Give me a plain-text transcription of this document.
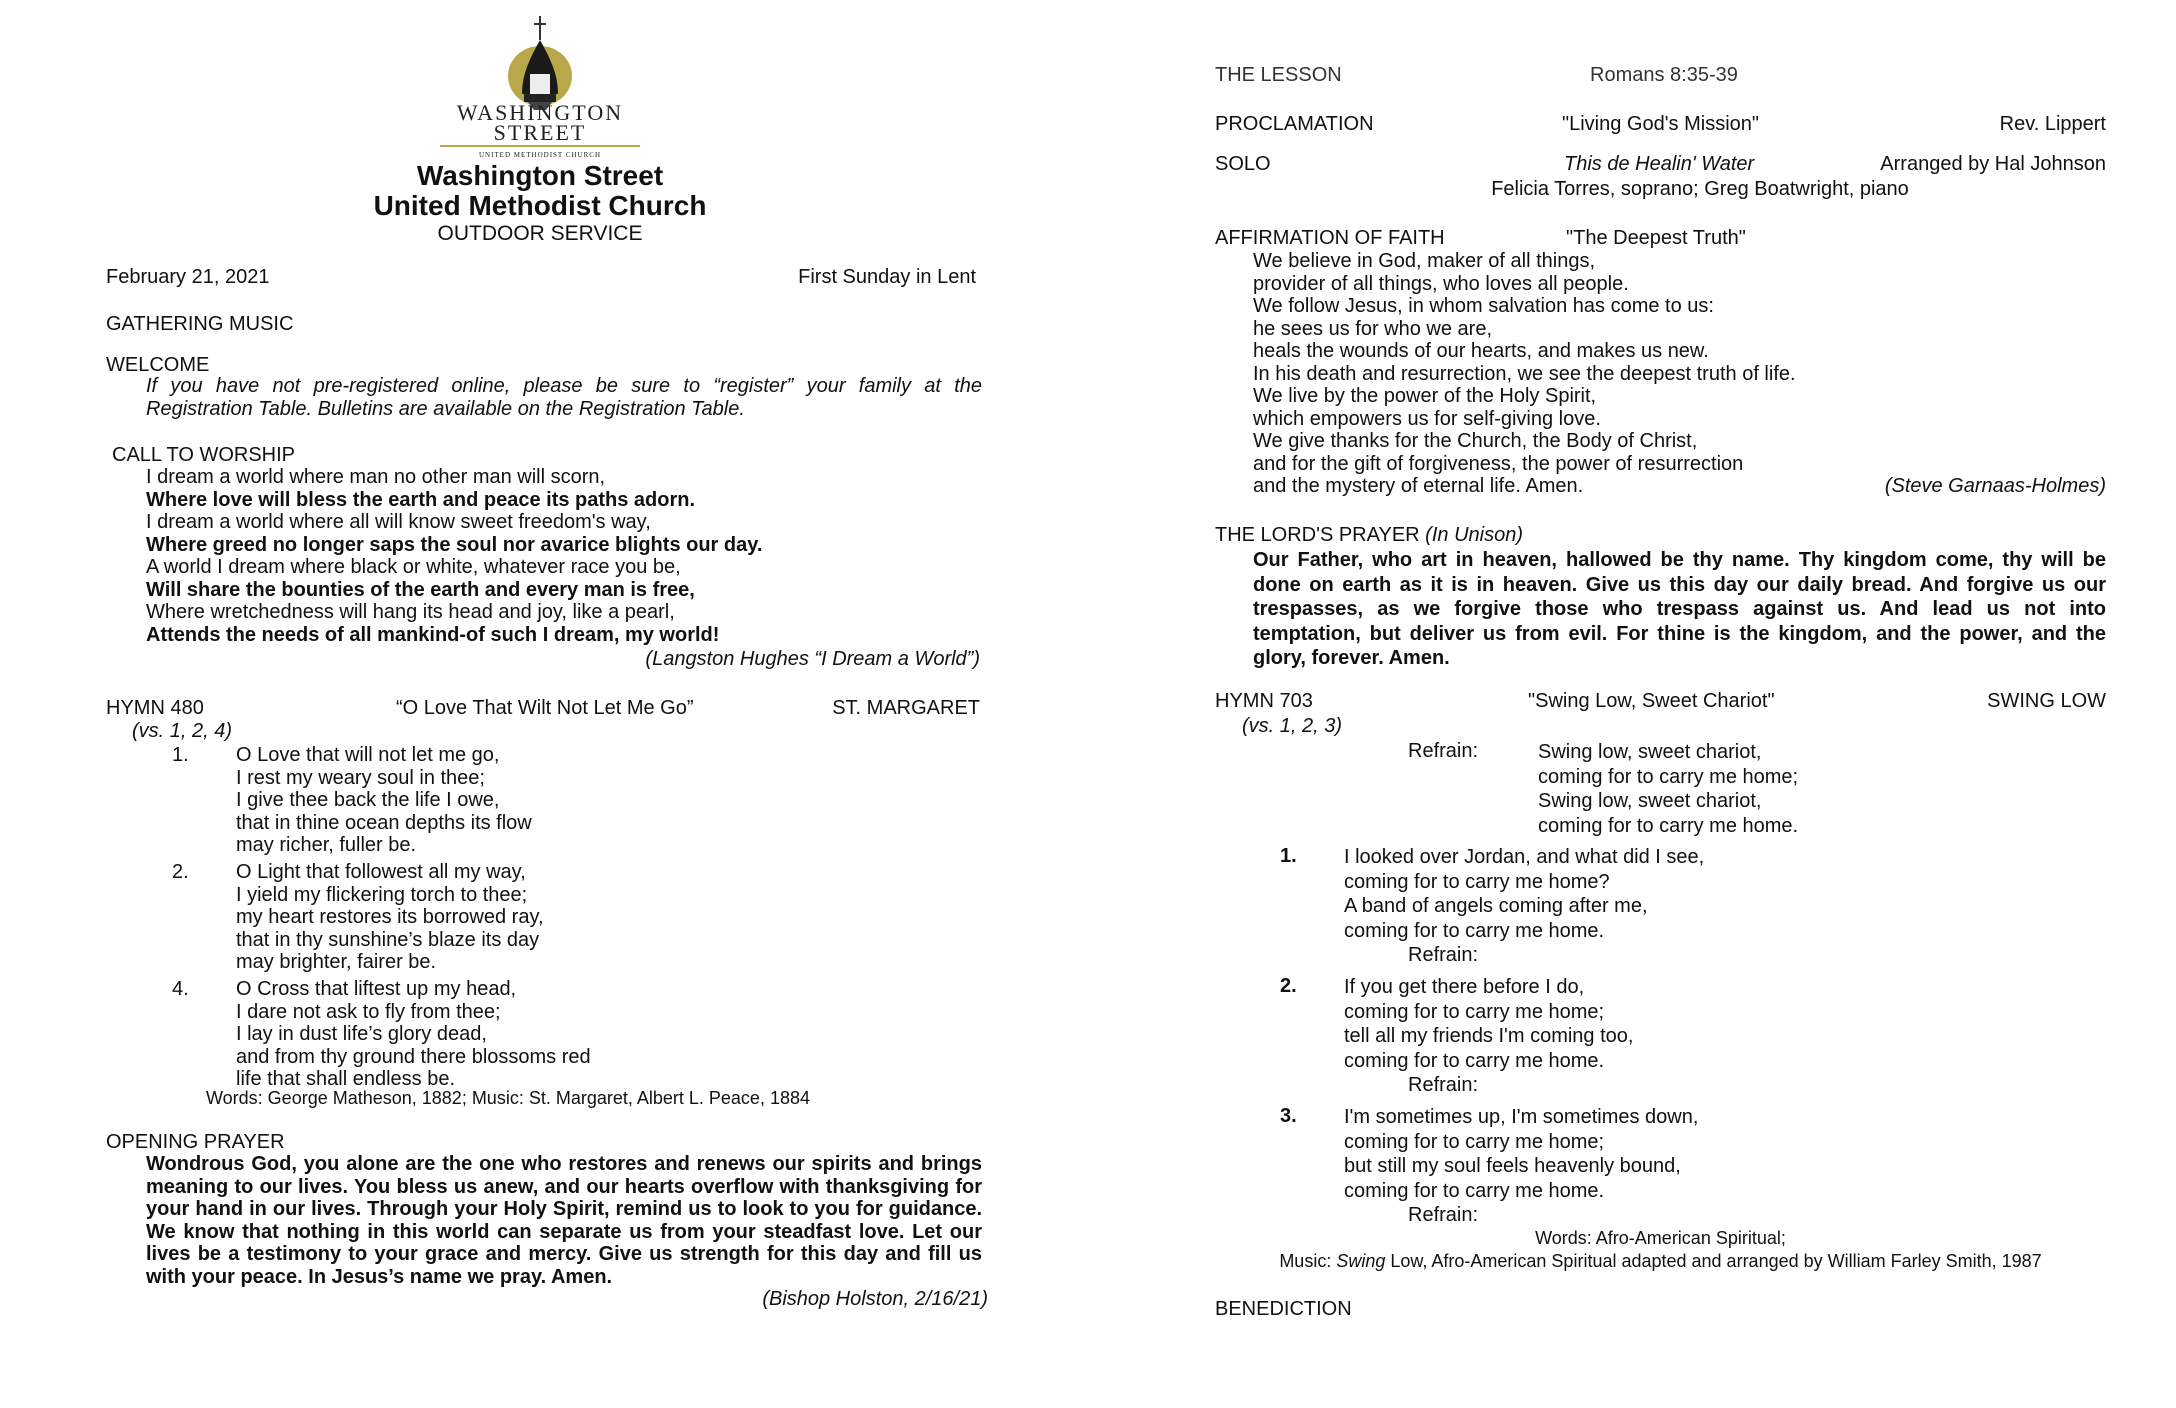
WASHINGTON
STREET
UNITED METHODIST CHURCH
Washington Street
United Methodist Church
OUTDOOR SERVICE
February 21, 2021	First Sunday in Lent
GATHERING MUSIC
WELCOME
If you have not pre-registered online, please be sure to “register” your family at the Registration Table. Bulletins are available on the Registration Table.
CALL TO WORSHIP
I dream a world where man no other man will scorn,
Where love will bless the earth and peace its paths adorn.
I dream a world where all will know sweet freedom's way,
Where greed no longer saps the soul nor avarice blights our day.
A world I dream where black or white, whatever race you be,
Will share the bounties of the earth and every man is free,
Where wretchedness will hang its head and joy, like a pearl,
Attends the needs of all mankind-of such I dream, my world!
(Langston Hughes “I Dream a World”)
HYMN 480	“O Love That Wilt Not Let Me Go”	ST. MARGARET
(vs. 1, 2, 4)
1. O Love that will not let me go,
I rest my weary soul in thee;
I give thee back the life I owe,
that in thine ocean depths its flow
may richer, fuller be.
2. O Light that followest all my way,
I yield my flickering torch to thee;
my heart restores its borrowed ray,
that in thy sunshine’s blaze its day
may brighter, fairer be.
4. O Cross that liftest up my head,
I dare not ask to fly from thee;
I lay in dust life’s glory dead,
and from thy ground there blossoms red
life that shall endless be.
Words: George Matheson, 1882; Music: St. Margaret, Albert L. Peace, 1884
OPENING PRAYER
Wondrous God, you alone are the one who restores and renews our spirits and brings meaning to our lives. You bless us anew, and our hearts overflow with thanksgiving for your hand in our lives. Through your Holy Spirit, remind us to look to you for guidance. We know that nothing in this world can separate us from your steadfast love. Let our lives be a testimony to your grace and mercy. Give us strength for this day and fill us with your peace. In Jesus’s name we pray. Amen.
(Bishop Holston, 2/16/21)
THE LESSON	Romans 8:35-39
PROCLAMATION	"Living God's Mission"	Rev. Lippert
SOLO	This de Healin' Water	Arranged by Hal Johnson
Felicia Torres, soprano; Greg Boatwright, piano
AFFIRMATION OF FAITH	"The Deepest Truth"
We believe in God, maker of all things,
provider of all things, who loves all people.
We follow Jesus, in whom salvation has come to us:
he sees us for who we are,
heals the wounds of our hearts, and makes us new.
In his death and resurrection, we see the deepest truth of life.
We live by the power of the Holy Spirit,
which empowers us for self-giving love.
We give thanks for the Church, the Body of Christ,
and for the gift of forgiveness, the power of resurrection
and the mystery of eternal life. Amen.	(Steve Garnaas-Holmes)
THE LORD'S PRAYER (In Unison)
Our Father, who art in heaven, hallowed be thy name. Thy kingdom come, thy will be done on earth as it is in heaven. Give us this day our daily bread. And forgive us our trespasses, as we forgive those who trespass against us. And lead us not into temptation, but deliver us from evil. For thine is the kingdom, and the power, and the glory, forever. Amen.
HYMN 703	"Swing Low, Sweet Chariot"	SWING LOW
(vs. 1, 2, 3)
Refrain:	Swing low, sweet chariot,
coming for to carry me home;
Swing low, sweet chariot,
coming for to carry me home.
1. I looked over Jordan, and what did I see,
coming for to carry me home?
A band of angels coming after me,
coming for to carry me home.
Refrain:
2. If you get there before I do,
coming for to carry me home;
tell all my friends I'm coming too,
coming for to carry me home.
Refrain:
3. I'm sometimes up, I'm sometimes down,
coming for to carry me home;
but still my soul feels heavenly bound,
coming for to carry me home.
Refrain:
Words: Afro-American Spiritual;
Music: Swing Low, Afro-American Spiritual adapted and arranged by William Farley Smith, 1987
BENEDICTION
